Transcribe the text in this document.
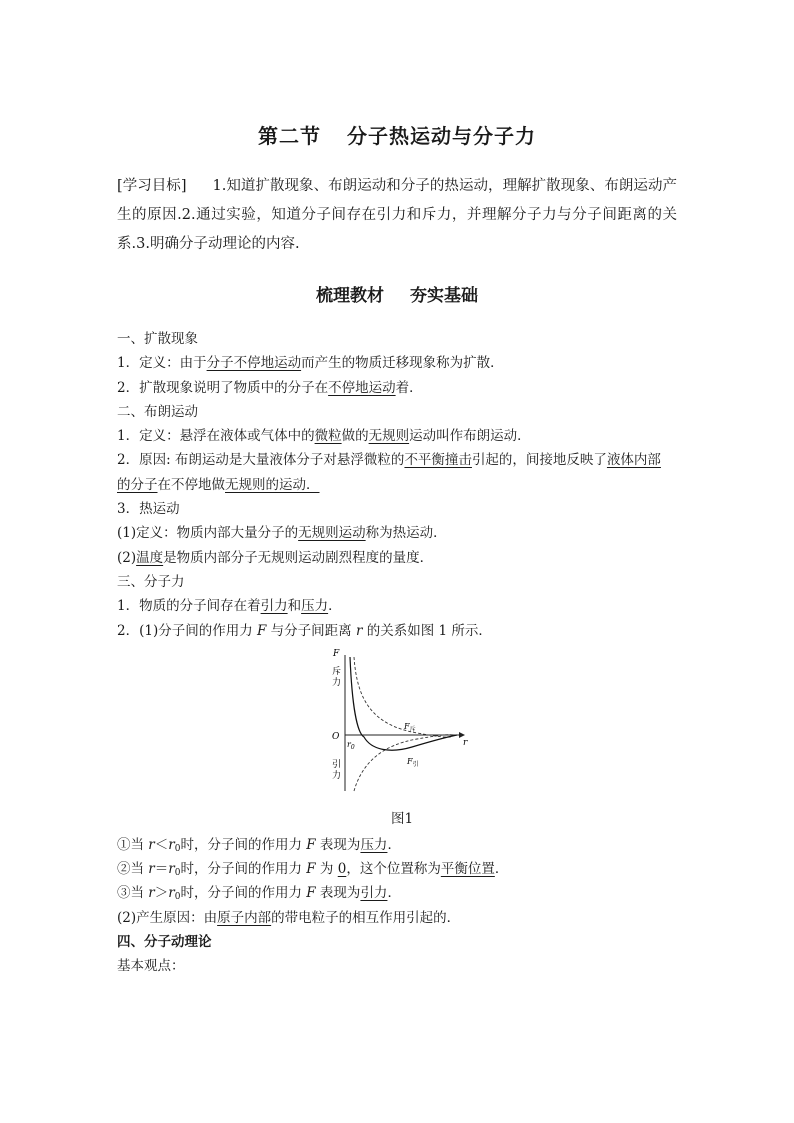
第二节 分子热运动与分子力
[学习目标] 1.知道扩散现象、布朗运动和分子的热运动，理解扩散现象、布朗运动产生的原因.2.通过实验，知道分子间存在引力和斥力，并理解分子力与分子间距离的关系.3.明确分子动理论的内容.
梳理教材 夯实基础
一、扩散现象
1．定义：由于分子不停地运动而产生的物质迁移现象称为扩散．
2．扩散现象说明了物质中的分子在不停地运动着．
二、布朗运动
1．定义：悬浮在液体或气体中的微粒做的无规则运动叫作布朗运动．
2．原因: 布朗运动是大量液体分子对悬浮微粒的不平衡撞击引起的，间接地反映了液体内部
的分子在不停地做无规则的运动．
3．热运动
(1)定义：物质内部大量分子的无规则运动称为热运动．
(2)温度是物质内部分子无规则运动剧烈程度的量度．
三、分子力
1．物质的分子间存在着引力和压力．
2．(1)分子间的作用力 F 与分子间距离 r 的关系如图 1 所示．
F
斥
力
O
$r_0$	r
引
力
$F_斥$
$F_引$
图1
①当 $r<r_0$时，分子间的作用力 F 表现为压力．
②当 $r=r_0$时，分子间的作用力 F 为 0，这个位置称为平衡位置．
③当 $r>r_0$时，分子间的作用力 F 表现为引力．
(2)产生原因：由原子内部的带电粒子的相互作用引起的．
四、分子动理论
基本观点：
